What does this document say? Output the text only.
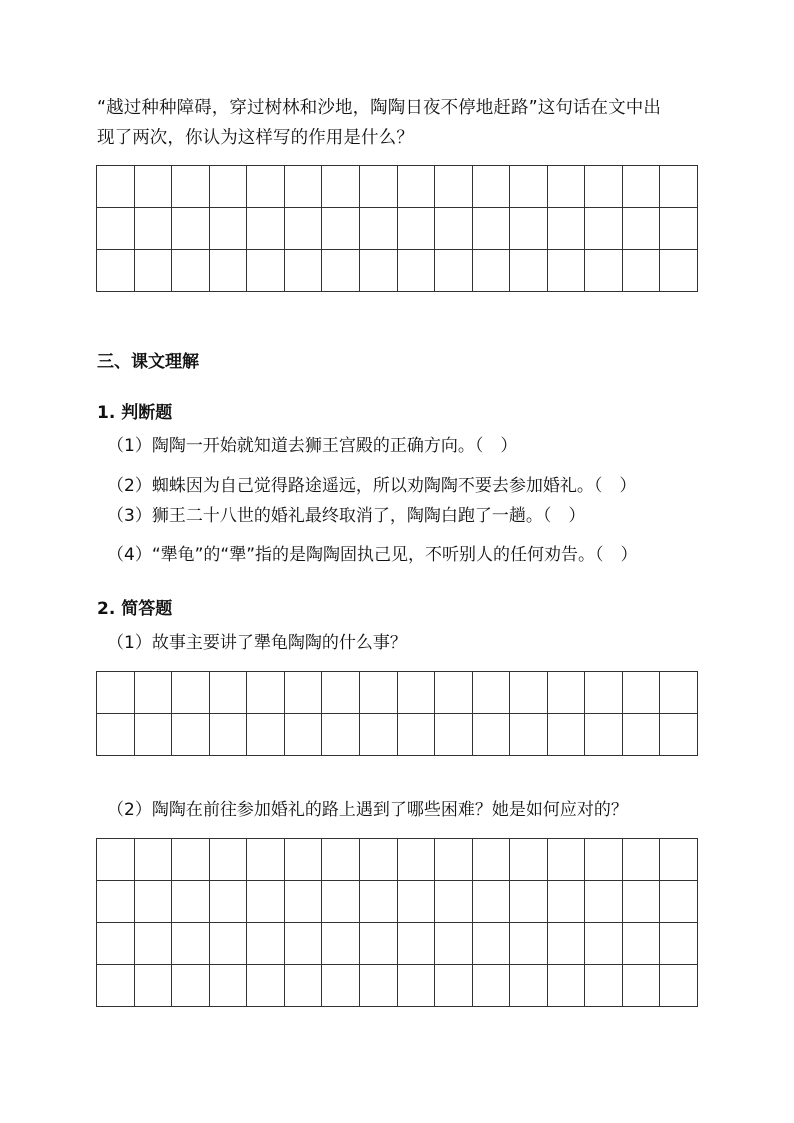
“越过种种障碍，穿过树林和沙地，陶陶日夜不停地赶路”这句话在文中出
现了两次，你认为这样写的作用是什么？
三、课文理解
1. 判断题
（1）陶陶一开始就知道去狮王宫殿的正确方向。（　）
（2）蜘蛛因为自己觉得路途遥远，所以劝陶陶不要去参加婚礼。（　）
（3）狮王二十八世的婚礼最终取消了，陶陶白跑了一趟。（　）
（4）“犟龟”的“犟”指的是陶陶固执己见，不听别人的任何劝告。（　）
2. 简答题
（1）故事主要讲了犟龟陶陶的什么事？
（2）陶陶在前往参加婚礼的路上遇到了哪些困难？她是如何应对的？
